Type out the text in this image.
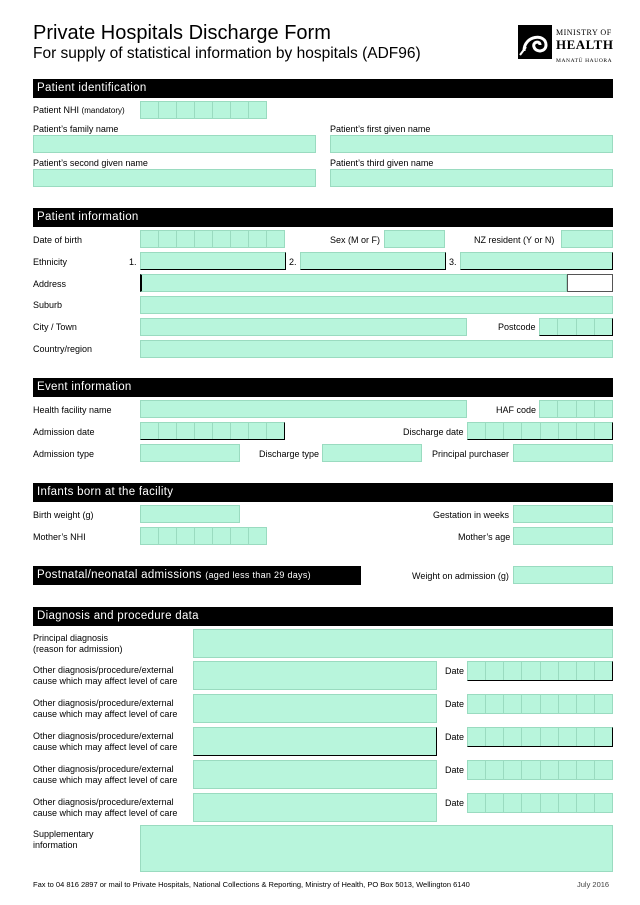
Private Hospitals Discharge Form
For supply of statistical information by hospitals (ADF96)
MINISTRY OF
HEALTH
MANATŪ HAUORA
Patient identification
Patient NHI (mandatory)
Patient’s family name	Patient’s first given name
Patient’s second given name	Patient’s third given name
Patient information
Date of birth	Sex (M or F)	NZ resident (Y or N)
Ethnicity	1.	2.	3.
Address
Suburb
City / Town	Postcode
Country/region
Event information
Health facility name	HAF code
Admission date	Discharge date
Admission type	Discharge type	Principal purchaser
Infants born at the facility
Birth weight (g)	Gestation in weeks
Mother’s NHI	Mother’s age
Postnatal/neonatal admissions (aged less than 29 days)	Weight on admission (g)
Diagnosis and procedure data
Principal diagnosis
(reason for admission)
Other diagnosis/procedure/external
cause which may affect level of care
Date
Other diagnosis/procedure/external
cause which may affect level of care
Date
Other diagnosis/procedure/external
cause which may affect level of care
Date
Other diagnosis/procedure/external
cause which may affect level of care
Date
Other diagnosis/procedure/external
cause which may affect level of care
Date
Supplementary
information
Fax to 04 816 2897 or mail to Private Hospitals, National Collections & Reporting, Ministry of Health, PO Box 5013, Wellington 6140	July 2016
